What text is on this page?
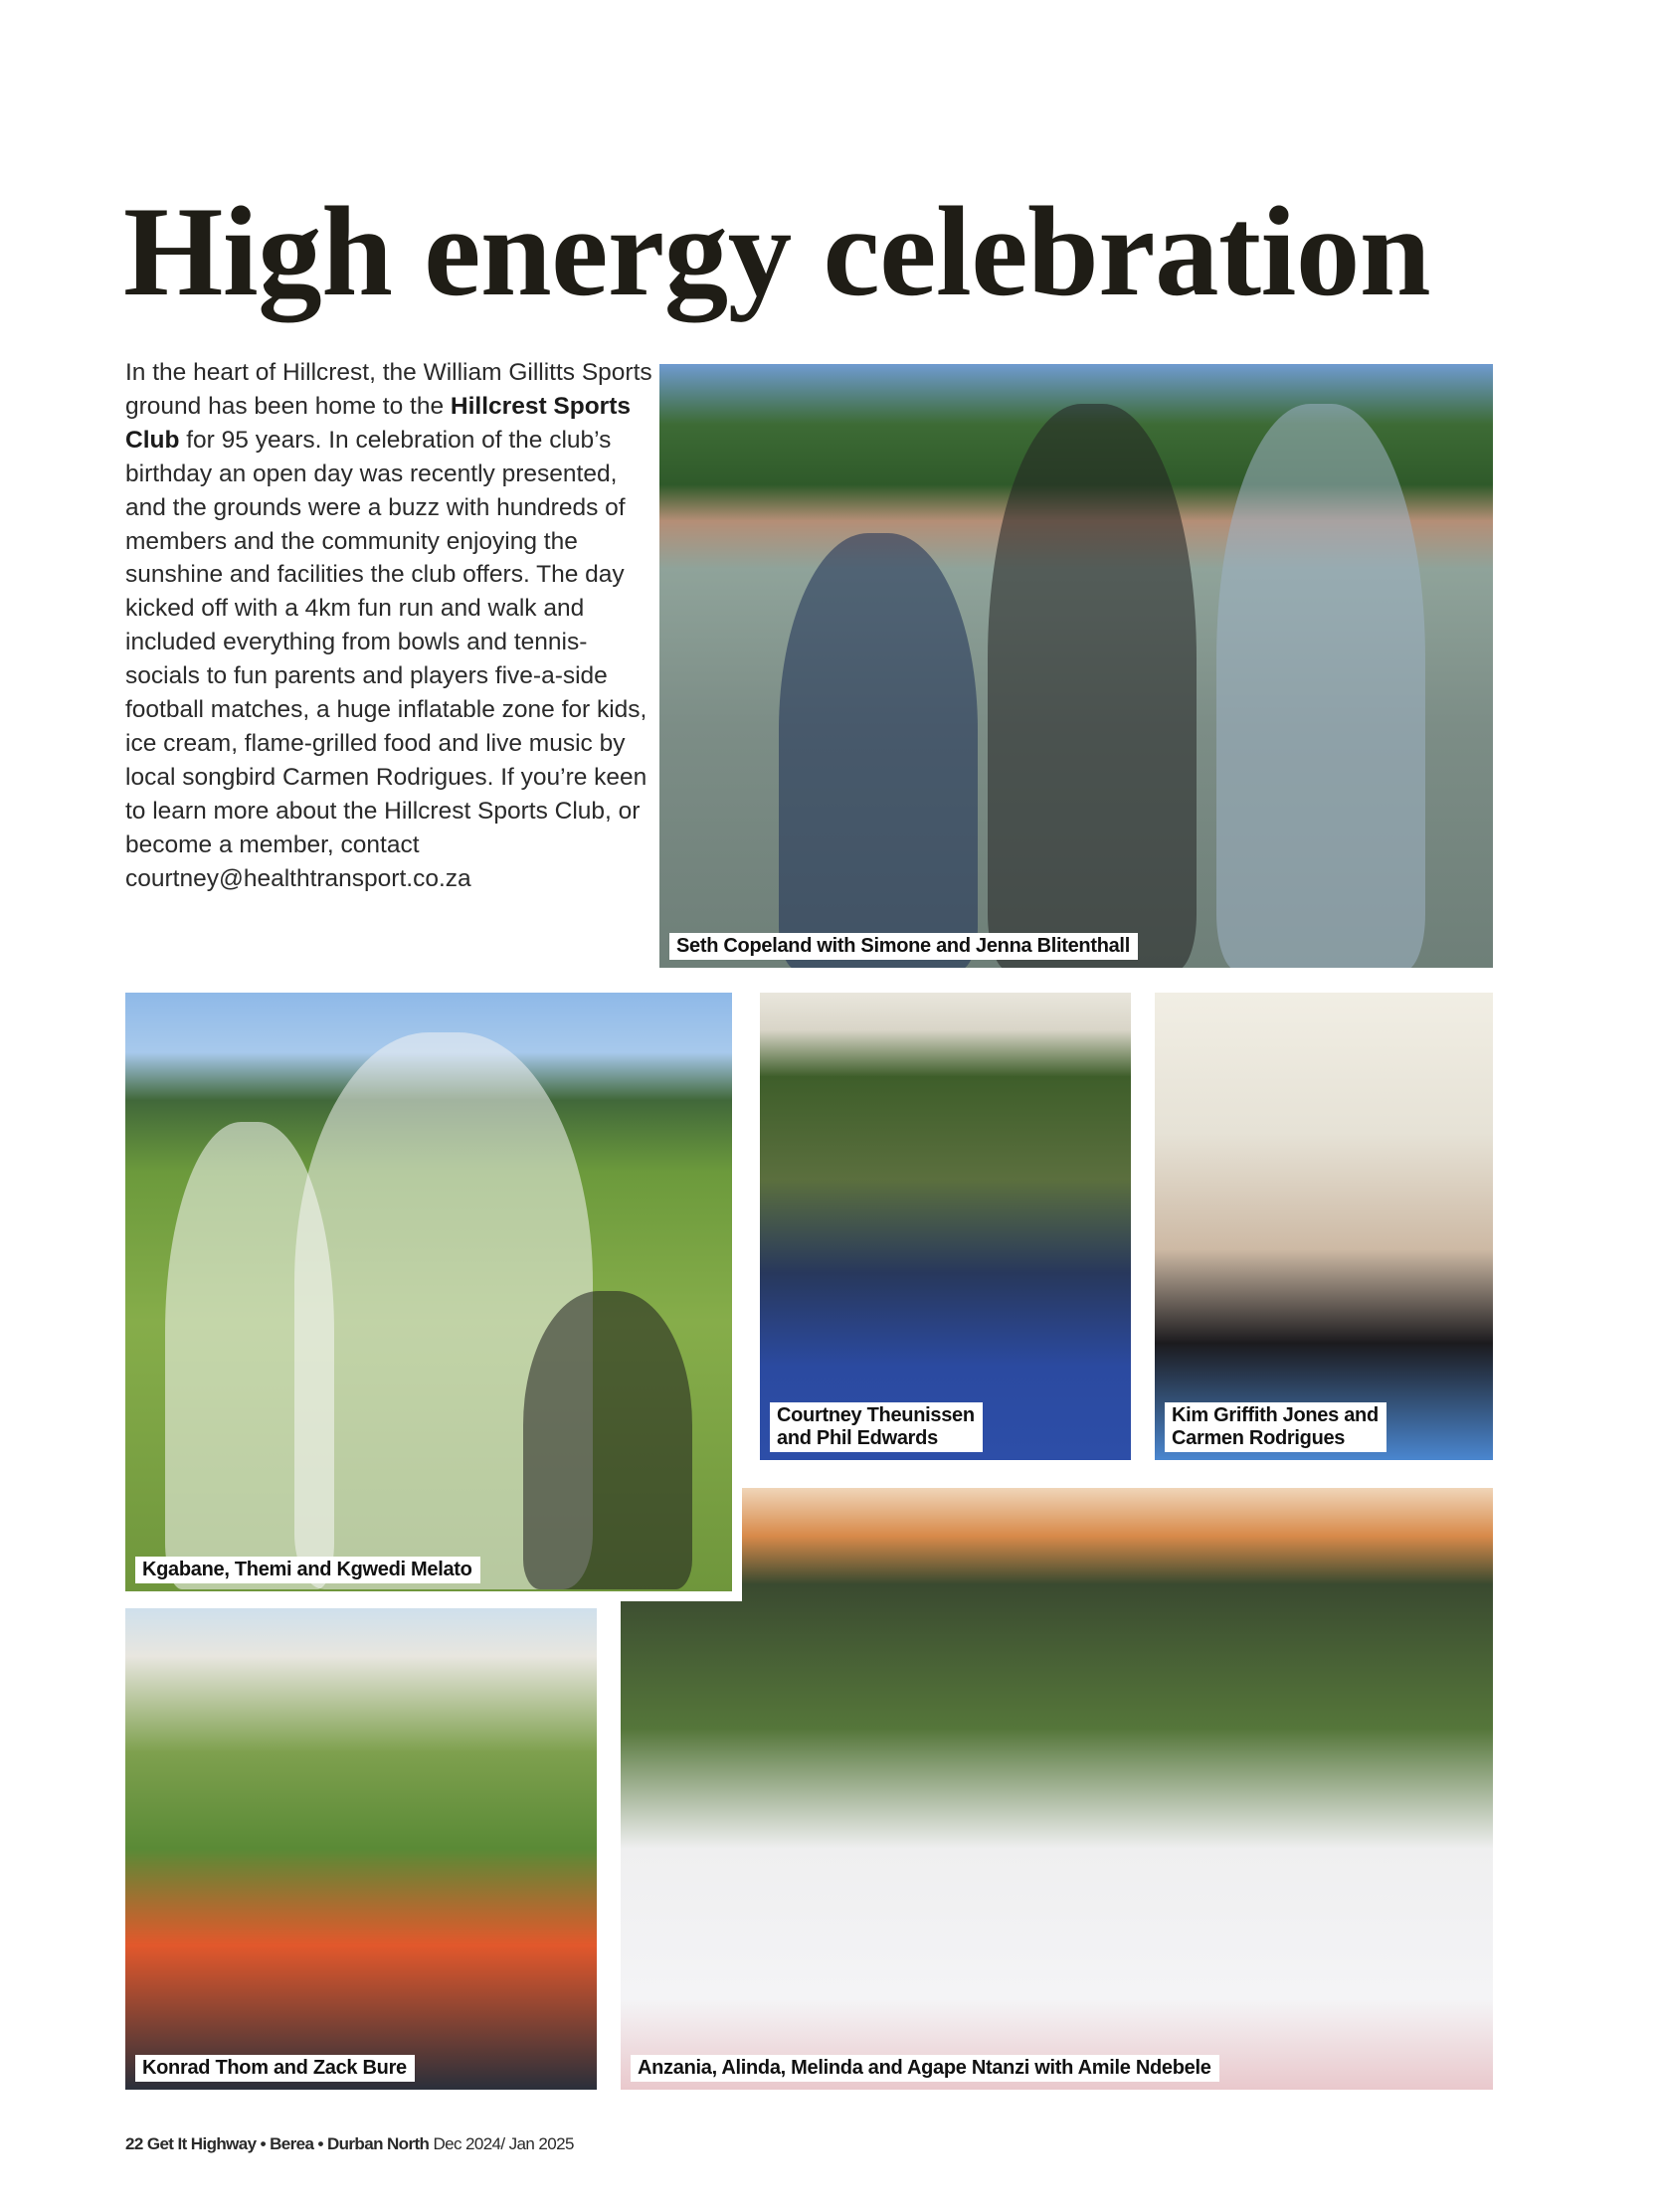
High energy celebration

In the heart of Hillcrest, the William Gillitts Sports ground has been home to the Hillcrest Sports Club for 95 years. In celebration of the club’s birthday an open day was recently presented, and the grounds were a buzz with hundreds of members and the community enjoying the sunshine and facilities the club offers. The day kicked off with a 4km fun run and walk and included everything from bowls and tennis-socials to fun parents and players five-a-side football matches, a huge inflatable zone for kids, ice cream, flame-grilled food and live music by local songbird Carmen Rodrigues. If you’re keen to learn more about the Hillcrest Sports Club, or become a member, contact courtney@healthtransport.co.za

Seth Copeland with Simone and Jenna Blitenthall
Kgabane, Themi and Kgwedi Melato
Courtney Theunissen
and Phil Edwards
Kim Griffith Jones and
Carmen Rodrigues
Konrad Thom and Zack Bure	Anzania, Alinda, Melinda and Agape Ntanzi with Amile Ndebele
22 Get It Highway • Berea • Durban North Dec 2024/ Jan 2025
